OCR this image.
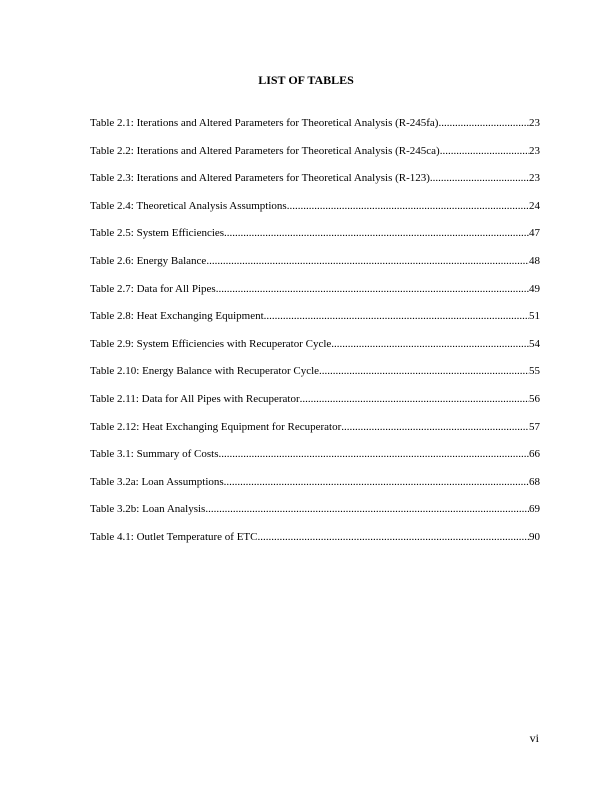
LIST OF TABLES
Table 2.1: Iterations and Altered Parameters for Theoretical Analysis (R-245fa) .....	23
Table 2.2: Iterations and Altered Parameters for Theoretical Analysis (R-245ca) .....	23
Table 2.3: Iterations and Altered Parameters for Theoretical Analysis (R-123) .....	23
Table 2.4: Theoretical Analysis Assumptions .....	24
Table 2.5: System Efficiencies .....	47
Table 2.6: Energy Balance .....	48
Table 2.7: Data for All Pipes .....	49
Table 2.8: Heat Exchanging Equipment .....	51
Table 2.9: System Efficiencies with Recuperator Cycle .....	54
Table 2.10: Energy Balance with Recuperator Cycle .....	55
Table 2.11: Data for All Pipes with Recuperator .....	56
Table 2.12: Heat Exchanging Equipment for Recuperator .....	57
Table 3.1: Summary of Costs .....	66
Table 3.2a: Loan Assumptions .....	68
Table 3.2b: Loan Analysis .....	69
Table 4.1: Outlet Temperature of ETC .....	90
vi
